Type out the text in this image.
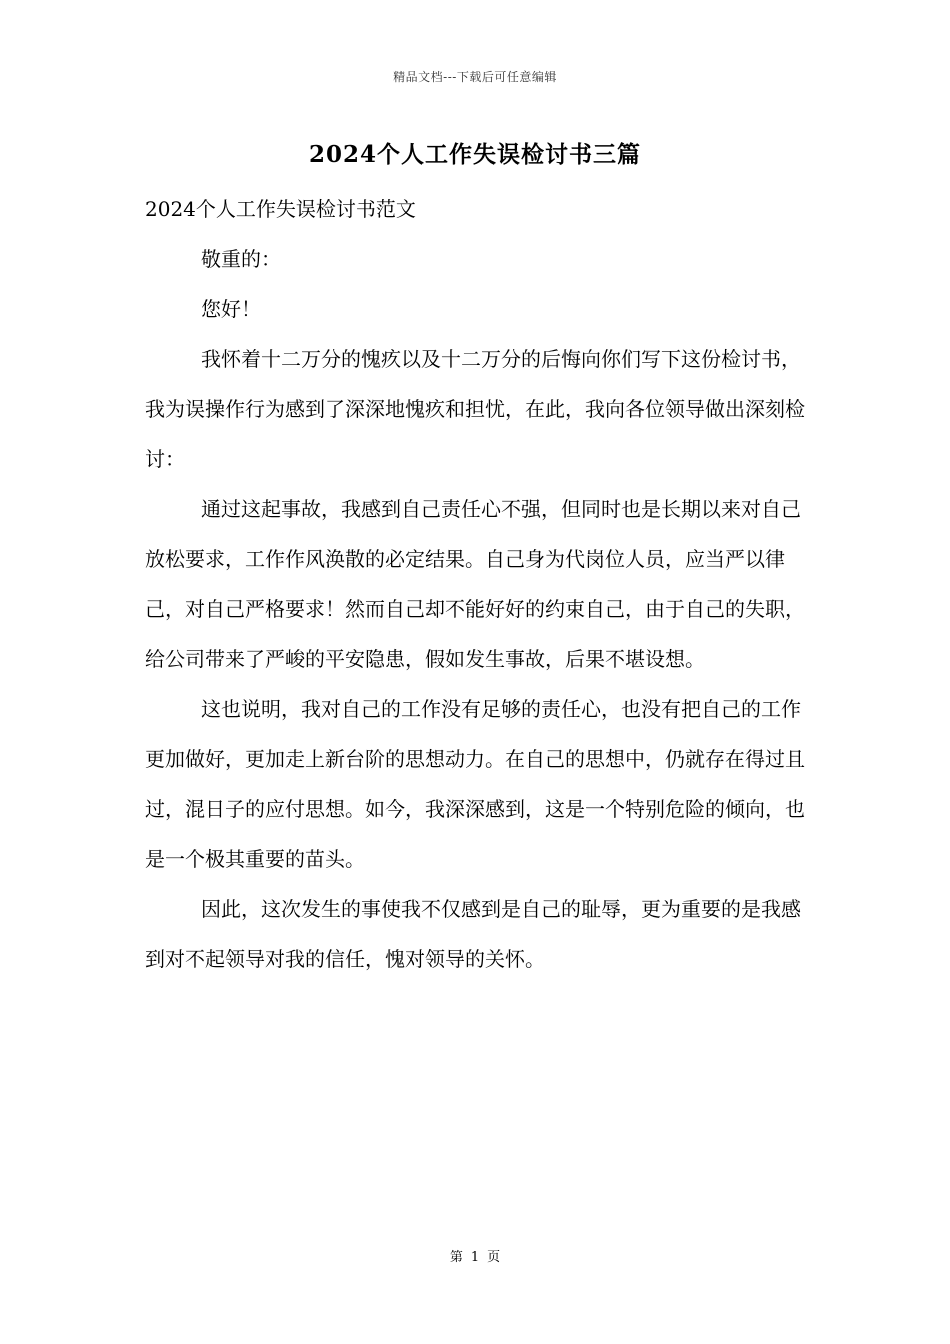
精品文档---下载后可任意编辑
2024个人工作失误检讨书三篇

2024个人工作失误检讨书范文

敬重的：

您好！

我怀着十二万分的愧疚以及十二万分的后悔向你们写下这份检讨书，我为误操作行为感到了深深地愧疚和担忧，在此，我向各位领导做出深刻检讨：

通过这起事故，我感到自己责任心不强，但同时也是长期以来对自己放松要求，工作作风涣散的必定结果。自己身为代岗位人员，应当严以律己，对自己严格要求！然而自己却不能好好的约束自己，由于自己的失职，给公司带来了严峻的平安隐患，假如发生事故，后果不堪设想。

这也说明，我对自己的工作没有足够的责任心，也没有把自己的工作更加做好，更加走上新台阶的思想动力。在自己的思想中，仍就存在得过且过，混日子的应付思想。如今，我深深感到，这是一个特别危险的倾向，也是一个极其重要的苗头。

因此，这次发生的事使我不仅感到是自己的耻辱，更为重要的是我感到对不起领导对我的信任，愧对领导的关怀。

第 1 页
